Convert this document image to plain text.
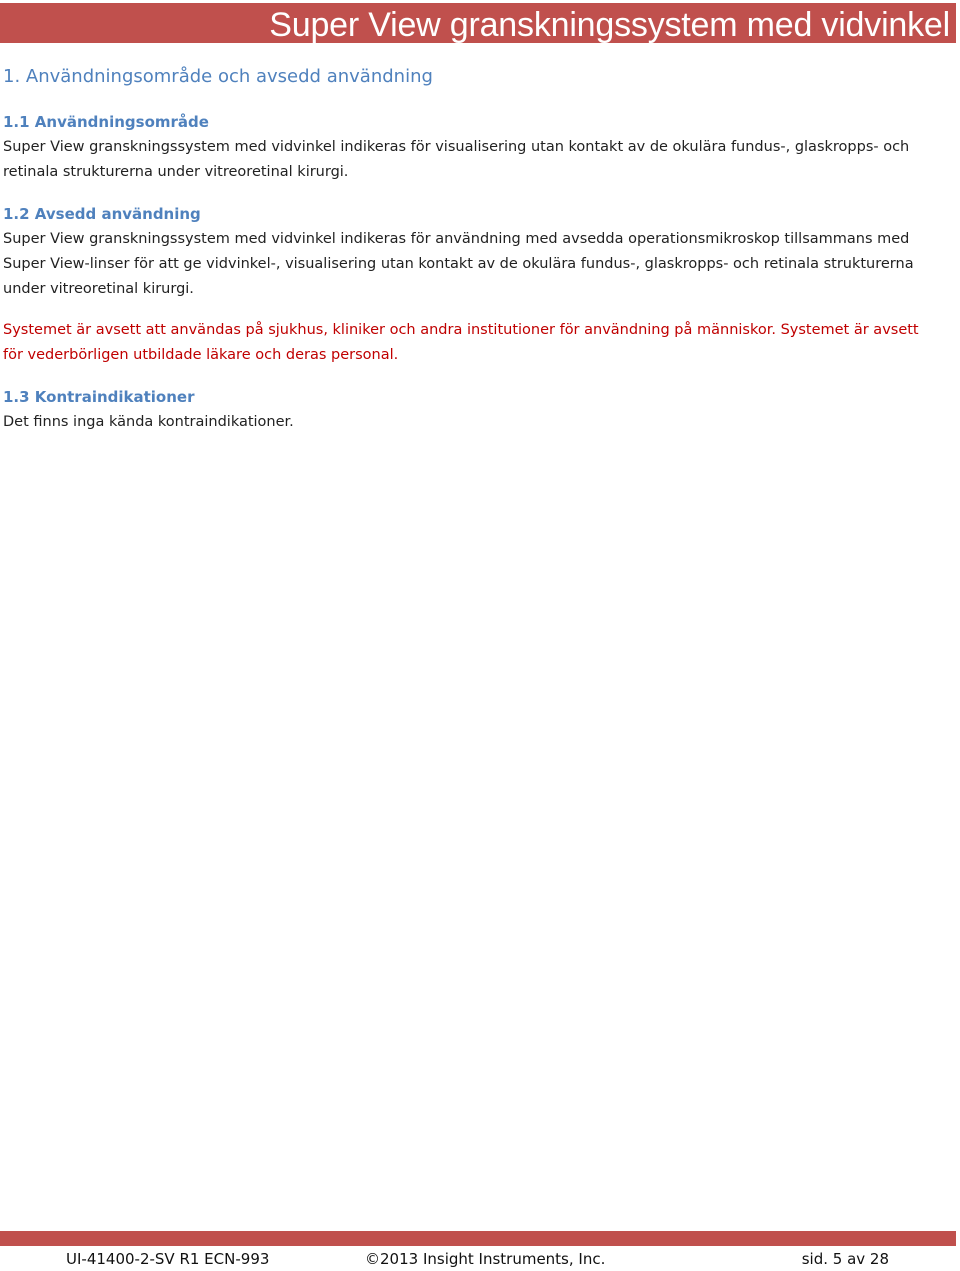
Super View granskningssystem med vidvinkel
1. Användningsområde och avsedd användning
1.1 Användningsområde

Super View granskningssystem med vidvinkel indikeras för visualisering utan kontakt av de okulära fundus-, glaskropps- och retinala strukturerna under vitreoretinal kirurgi.

1.2 Avsedd användning

Super View granskningssystem med vidvinkel indikeras för användning med avsedda operationsmikroskop tillsammans med Super View-linser för att ge vidvinkel-, visualisering utan kontakt av de okulära fundus-, glaskropps- och retinala strukturerna under vitreoretinal kirurgi.

Systemet är avsett att användas på sjukhus, kliniker och andra institutioner för användning på människor. Systemet är avsett för vederbörligen utbildade läkare och deras personal.

1.3 Kontraindikationer

Det finns inga kända kontraindikationer.

UI-41400-2-SV R1 ECN-993	©2013 Insight Instruments, Inc.	sid. 5 av 28
